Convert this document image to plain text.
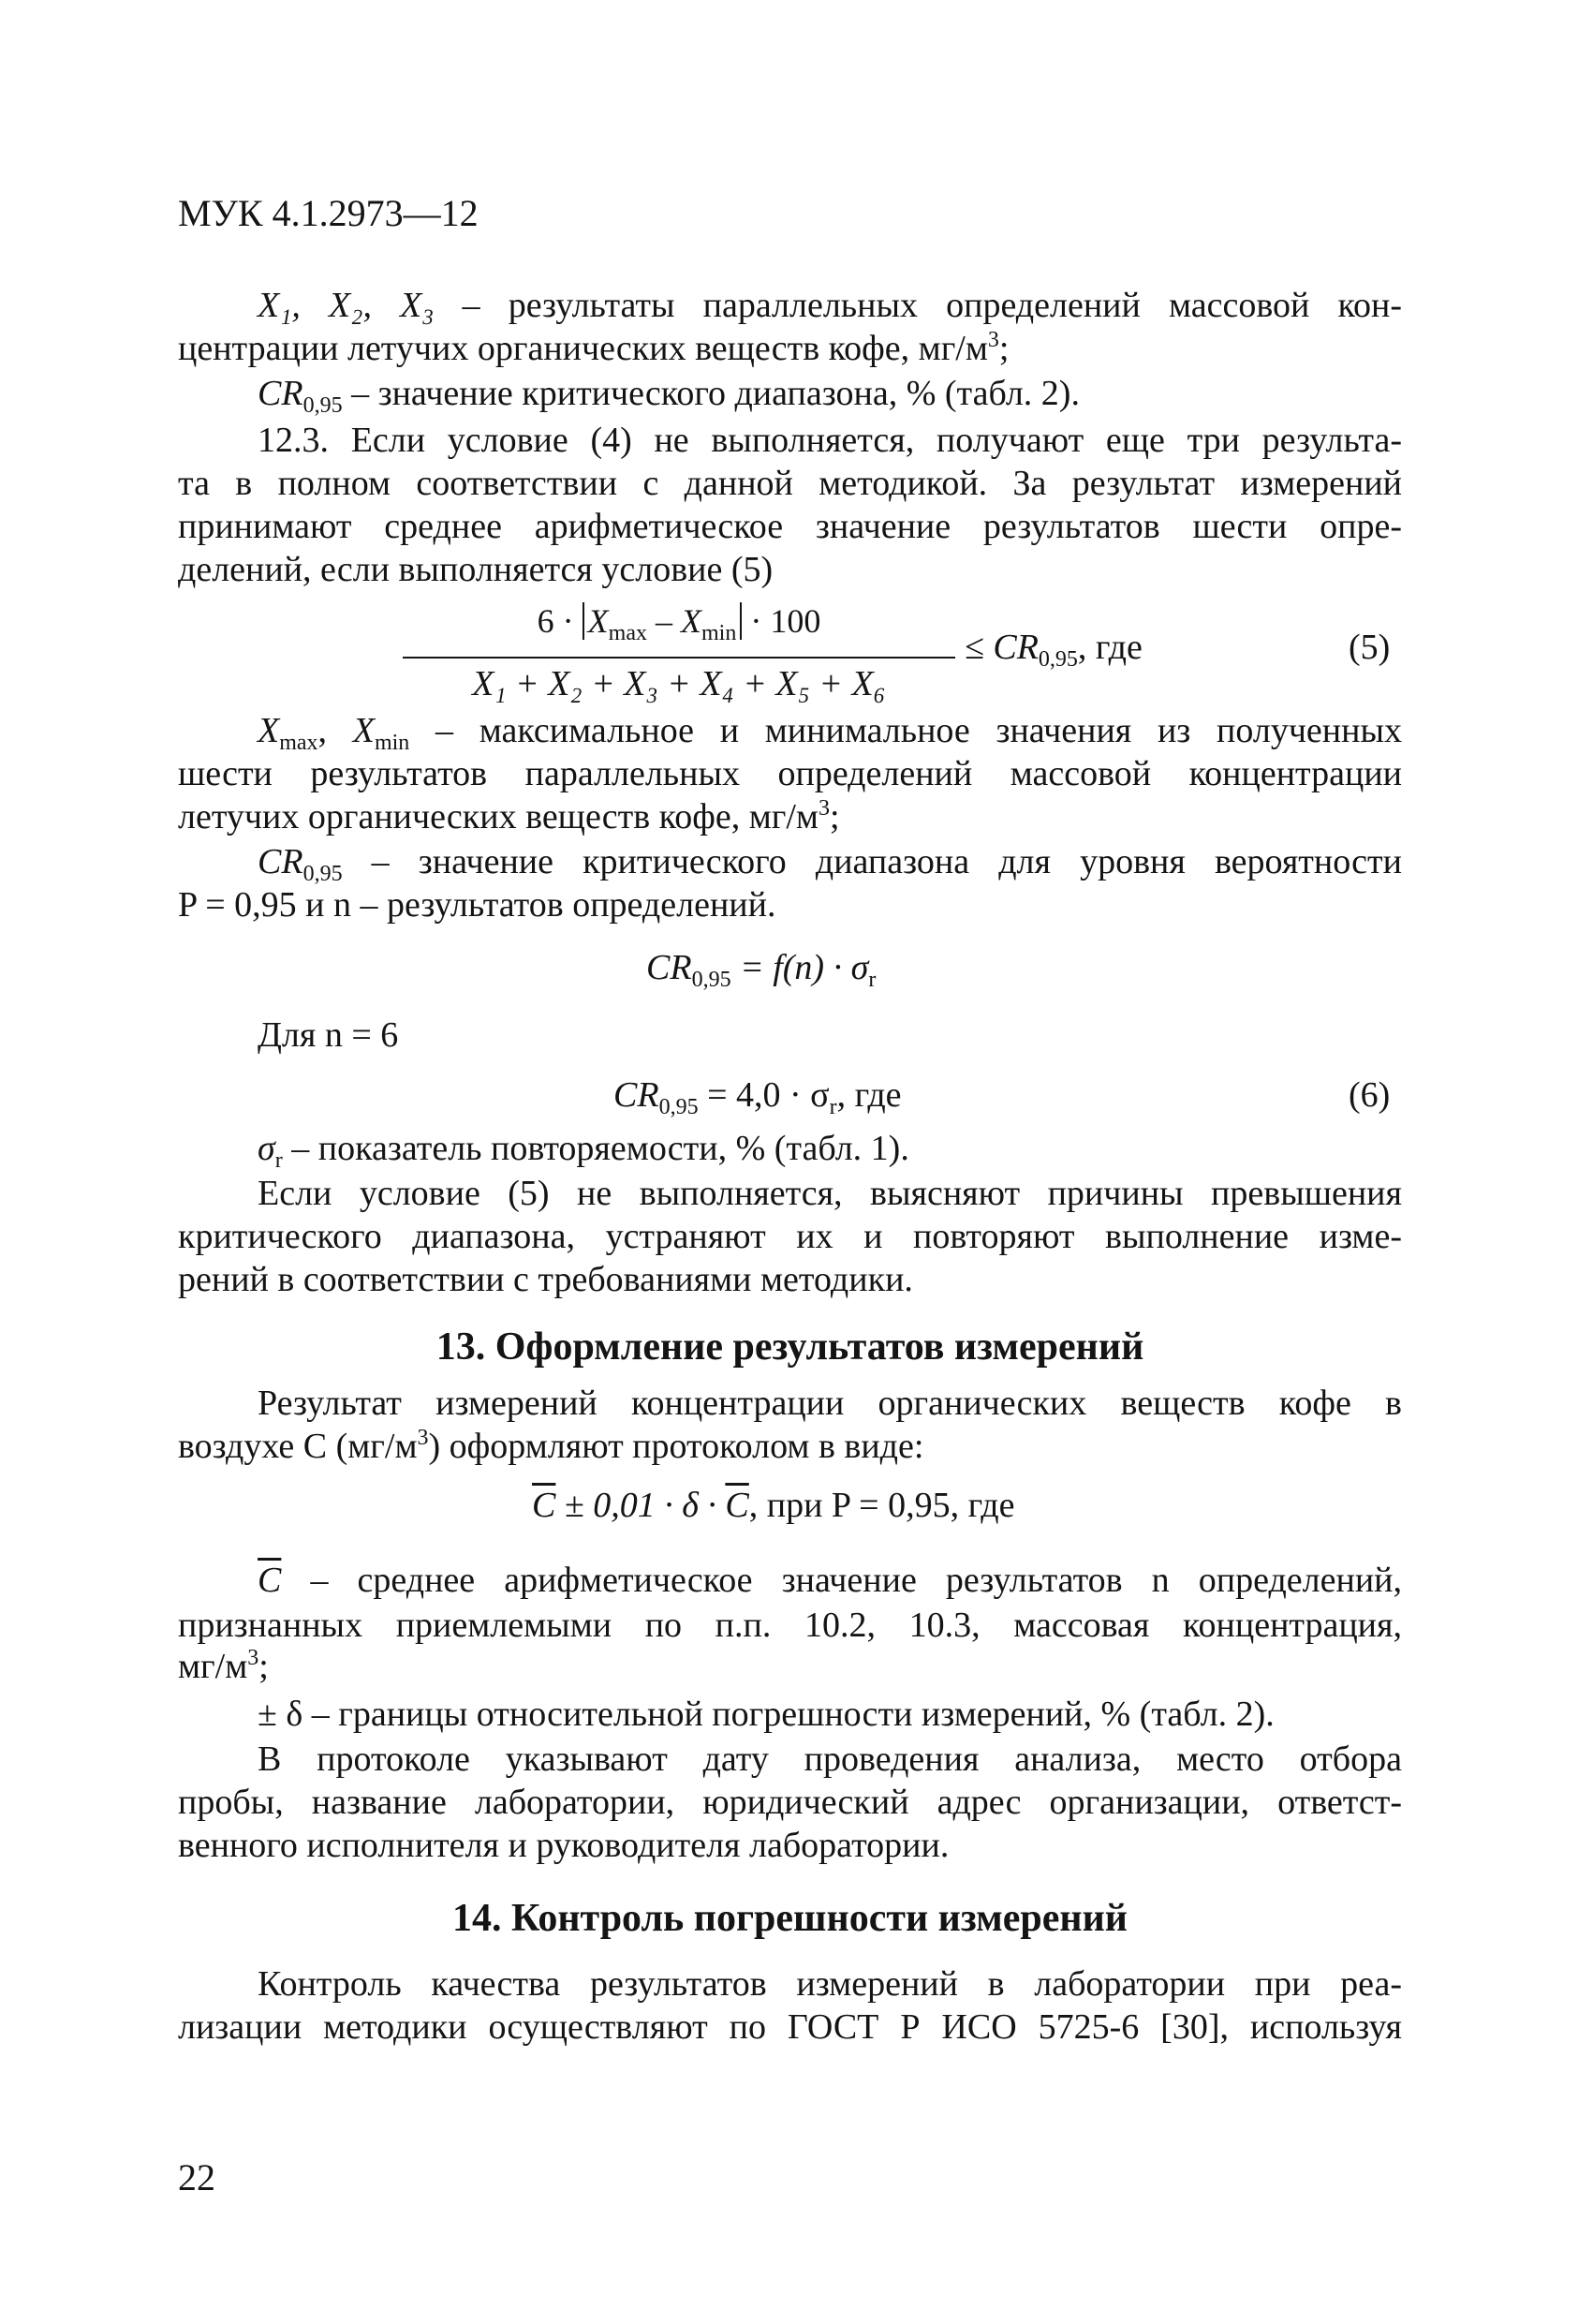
МУК 4.1.2973—12
X₁, X₂, X₃ – результаты параллельных определений массовой кон-
центрации летучих органических веществ кофе, $мг/м^3$;
$CR_{0,95}$ – значение критического диапазона, % (табл. 2).
12.3. Если условие (4) не выполняется, получают еще три результа-
та в полном соответствии с данной методикой. За результат измерений
принимают среднее арифметическое значение результатов шести опре-
делений, если выполняется условие (5)
$6 \cdot X_{max} - X_{min} \cdot 100$
X₁ + X₂ + X₃ + X₄ + X₅ + X₆
≤ $CR_{0,95}$, где	(5)
$X_{max}$, $X_{min}$ – максимальное и минимальное значения из полученных
шести результатов параллельных определений массовой концентрации
летучих органических веществ кофе, $мг/м^3$;
$CR_{0,95}$ – значение критического диапазона для уровня вероятности
P = 0,95 и n – результатов определений.
$CR_{0,95} = f(n) \cdot \sigma_r$
Для n = 6
$CR_{0,95} = 4,0 \cdot \sigma_r$, где	(6)
$\sigma_r$ – показатель повторяемости, % (табл. 1).
Если условие (5) не выполняется, выясняют причины превышения
критического диапазона, устраняют их и повторяют выполнение изме-
рений в соответствии с требованиями методики.
13. Оформление результатов измерений
Результат измерений концентрации органических веществ кофе в
воздухе C $(мг/м^3)$ оформляют протоколом в виде:
$\overline{C} \pm 0,01 \cdot \delta \cdot \overline{C}$, при P = 0,95, где
$\overline{C}$ – среднее арифметическое значение результатов n определений,
признанных приемлемыми по п.п. 10.2, 10.3, массовая концентрация,
$мг/м^3$;
± δ – границы относительной погрешности измерений, % (табл. 2).
В протоколе указывают дату проведения анализа, место отбора
пробы, название лаборатории, юридический адрес организации, ответст-
венного исполнителя и руководителя лаборатории.
14. Контроль погрешности измерений
Контроль качества результатов измерений в лаборатории при реа-
лизации методики осуществляют по ГОСТ Р ИСО 5725-6 [30], используя
22
